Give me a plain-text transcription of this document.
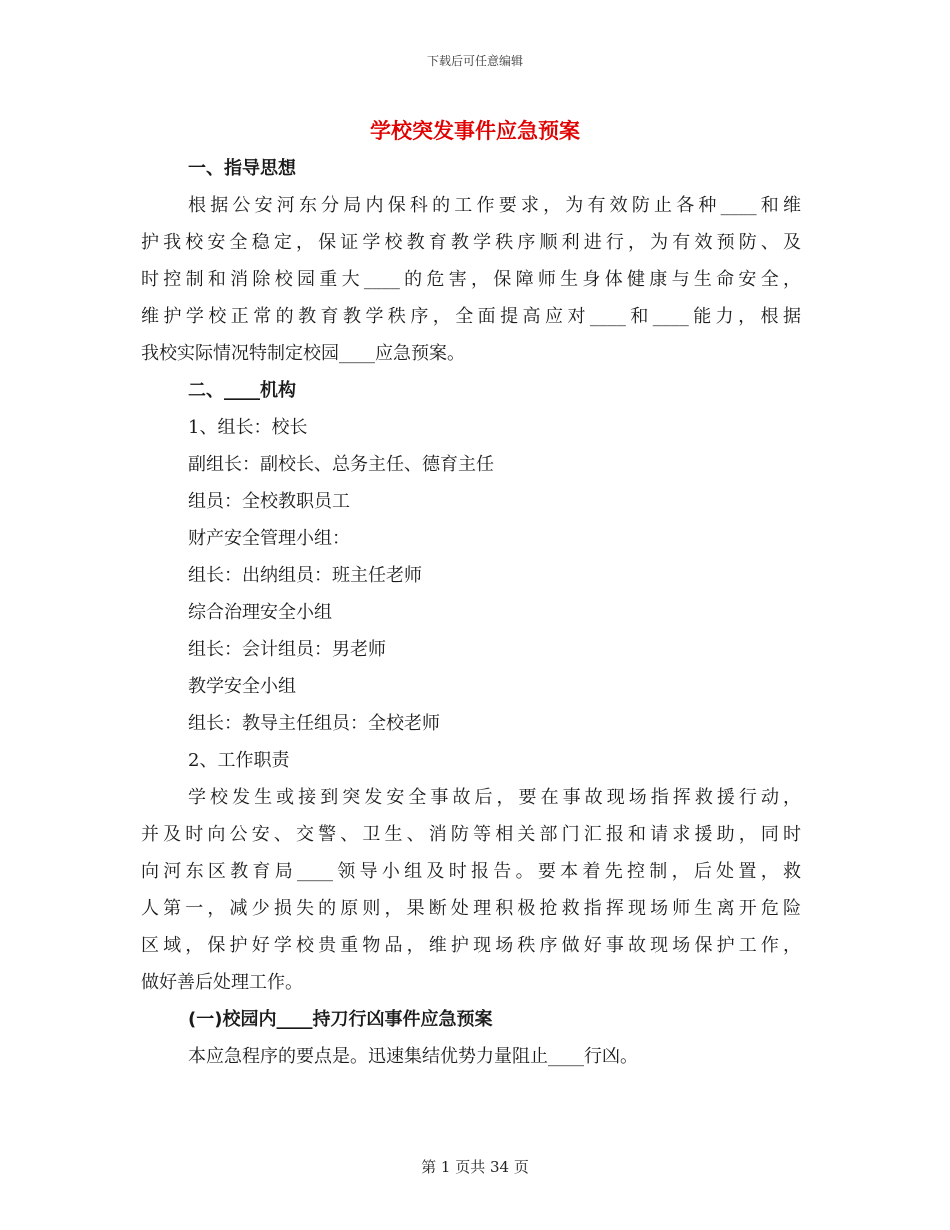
下载后可任意编辑
学校突发事件应急预案
一、指导思想
根据公安河东分局内保科的工作要求，为有效防止各种____和维
护我校安全稳定，保证学校教育教学秩序顺利进行，为有效预防、及
时控制和消除校园重大____的危害，保障师生身体健康与生命安全，
维护学校正常的教育教学秩序，全面提高应对____和____能力，根据
我校实际情况特制定校园____应急预案。
二、____机构
1、组长：校长
副组长：副校长、总务主任、德育主任
组员：全校教职员工
财产安全管理小组：
组长：出纳组员：班主任老师
综合治理安全小组
组长：会计组员：男老师
教学安全小组
组长：教导主任组员：全校老师
2、工作职责
学校发生或接到突发安全事故后，要在事故现场指挥救援行动，
并及时向公安、交警、卫生、消防等相关部门汇报和请求援助，同时
向河东区教育局____领导小组及时报告。要本着先控制，后处置，救
人第一，减少损失的原则，果断处理积极抢救指挥现场师生离开危险
区域，保护好学校贵重物品，维护现场秩序做好事故现场保护工作，
做好善后处理工作。
(一)校园内____持刀行凶事件应急预案
本应急程序的要点是。迅速集结优势力量阻止____行凶。
第 1 页共 34 页
